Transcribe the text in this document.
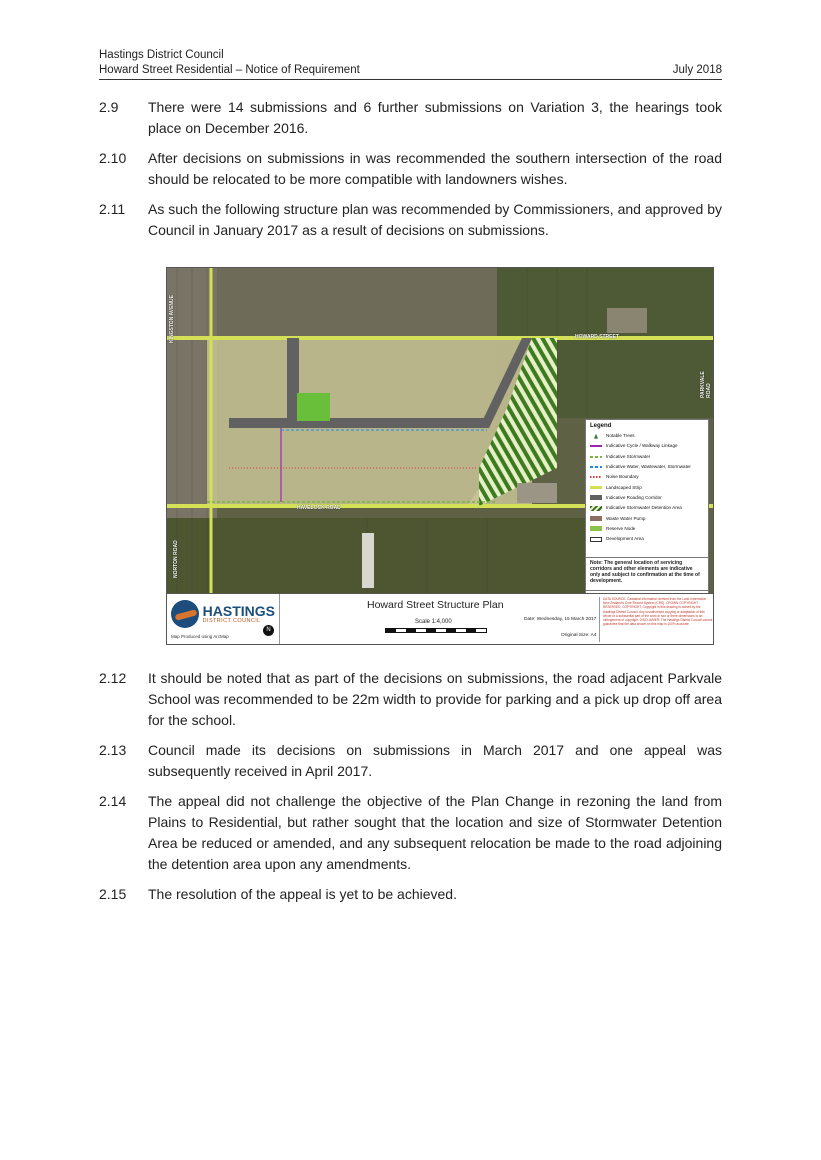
Hastings District Council
Howard Street Residential – Notice of Requirement	July 2018
2.9	There were 14 submissions and 6 further submissions on Variation 3, the hearings took place on December 2016.
2.10	After decisions on submissions in was recommended the southern intersection of the road should be relocated to be more compatible with landowners wishes.
2.11	As such the following structure plan was recommended by Commissioners, and approved by Council in January 2017 as a result of decisions on submissions.
HOWARD STREET
HAVELOCK ROAD
KINGSTON AVENUE
NORTON ROAD
PARKVALE ROAD
Legend
Notable Trees
Indicative Cycle / Walkway Linkage
Indicative Stormwater
Indicative Water, Wastewater, Stormwater
Noise Boundary
Landscaped Strip
Indicative Roading Corridor
Indicative Stormwater Detention Area
Waste Water Pump
Reserve Node
Development Area
Note: The general location of servicing corridors and other elements are indicative only and subject to confirmation at the time of development.
HASTINGS
DISTRICT COUNCIL
Map Produced using ArcMap
N
Howard Street Structure Plan
Scale 1:4,000	Date: Wednesday, 15 March 2017
Original Size: A4
DATA SOURCE: Cadastral information derived from the Land Information New Zealand's Core Record System (CRS). CROWN COPYRIGHT RESERVED. COPYRIGHT: Copyright in this drawing is owned by the Hastings District Council. Any unauthorised copying or adaptation of this whole or a substantial part of the work in two or three dimensions is an infringement of copyright. DISCLAIMER: The Hastings District Council cannot guarantee that the data shown on this map is 100% accurate.
2.12	It should be noted that as part of the decisions on submissions, the road adjacent Parkvale School was recommended to be 22m width to provide for parking and a pick up drop off area for the school.
2.13	Council made its decisions on submissions in March 2017 and one appeal was subsequently received in April 2017.
2.14	The appeal did not challenge the objective of the Plan Change in rezoning the land from Plains to Residential, but rather sought that the location and size of Stormwater Detention Area be reduced or amended, and any subsequent relocation be made to the road adjoining the detention area upon any amendments.
2.15	The resolution of the appeal is yet to be achieved.
